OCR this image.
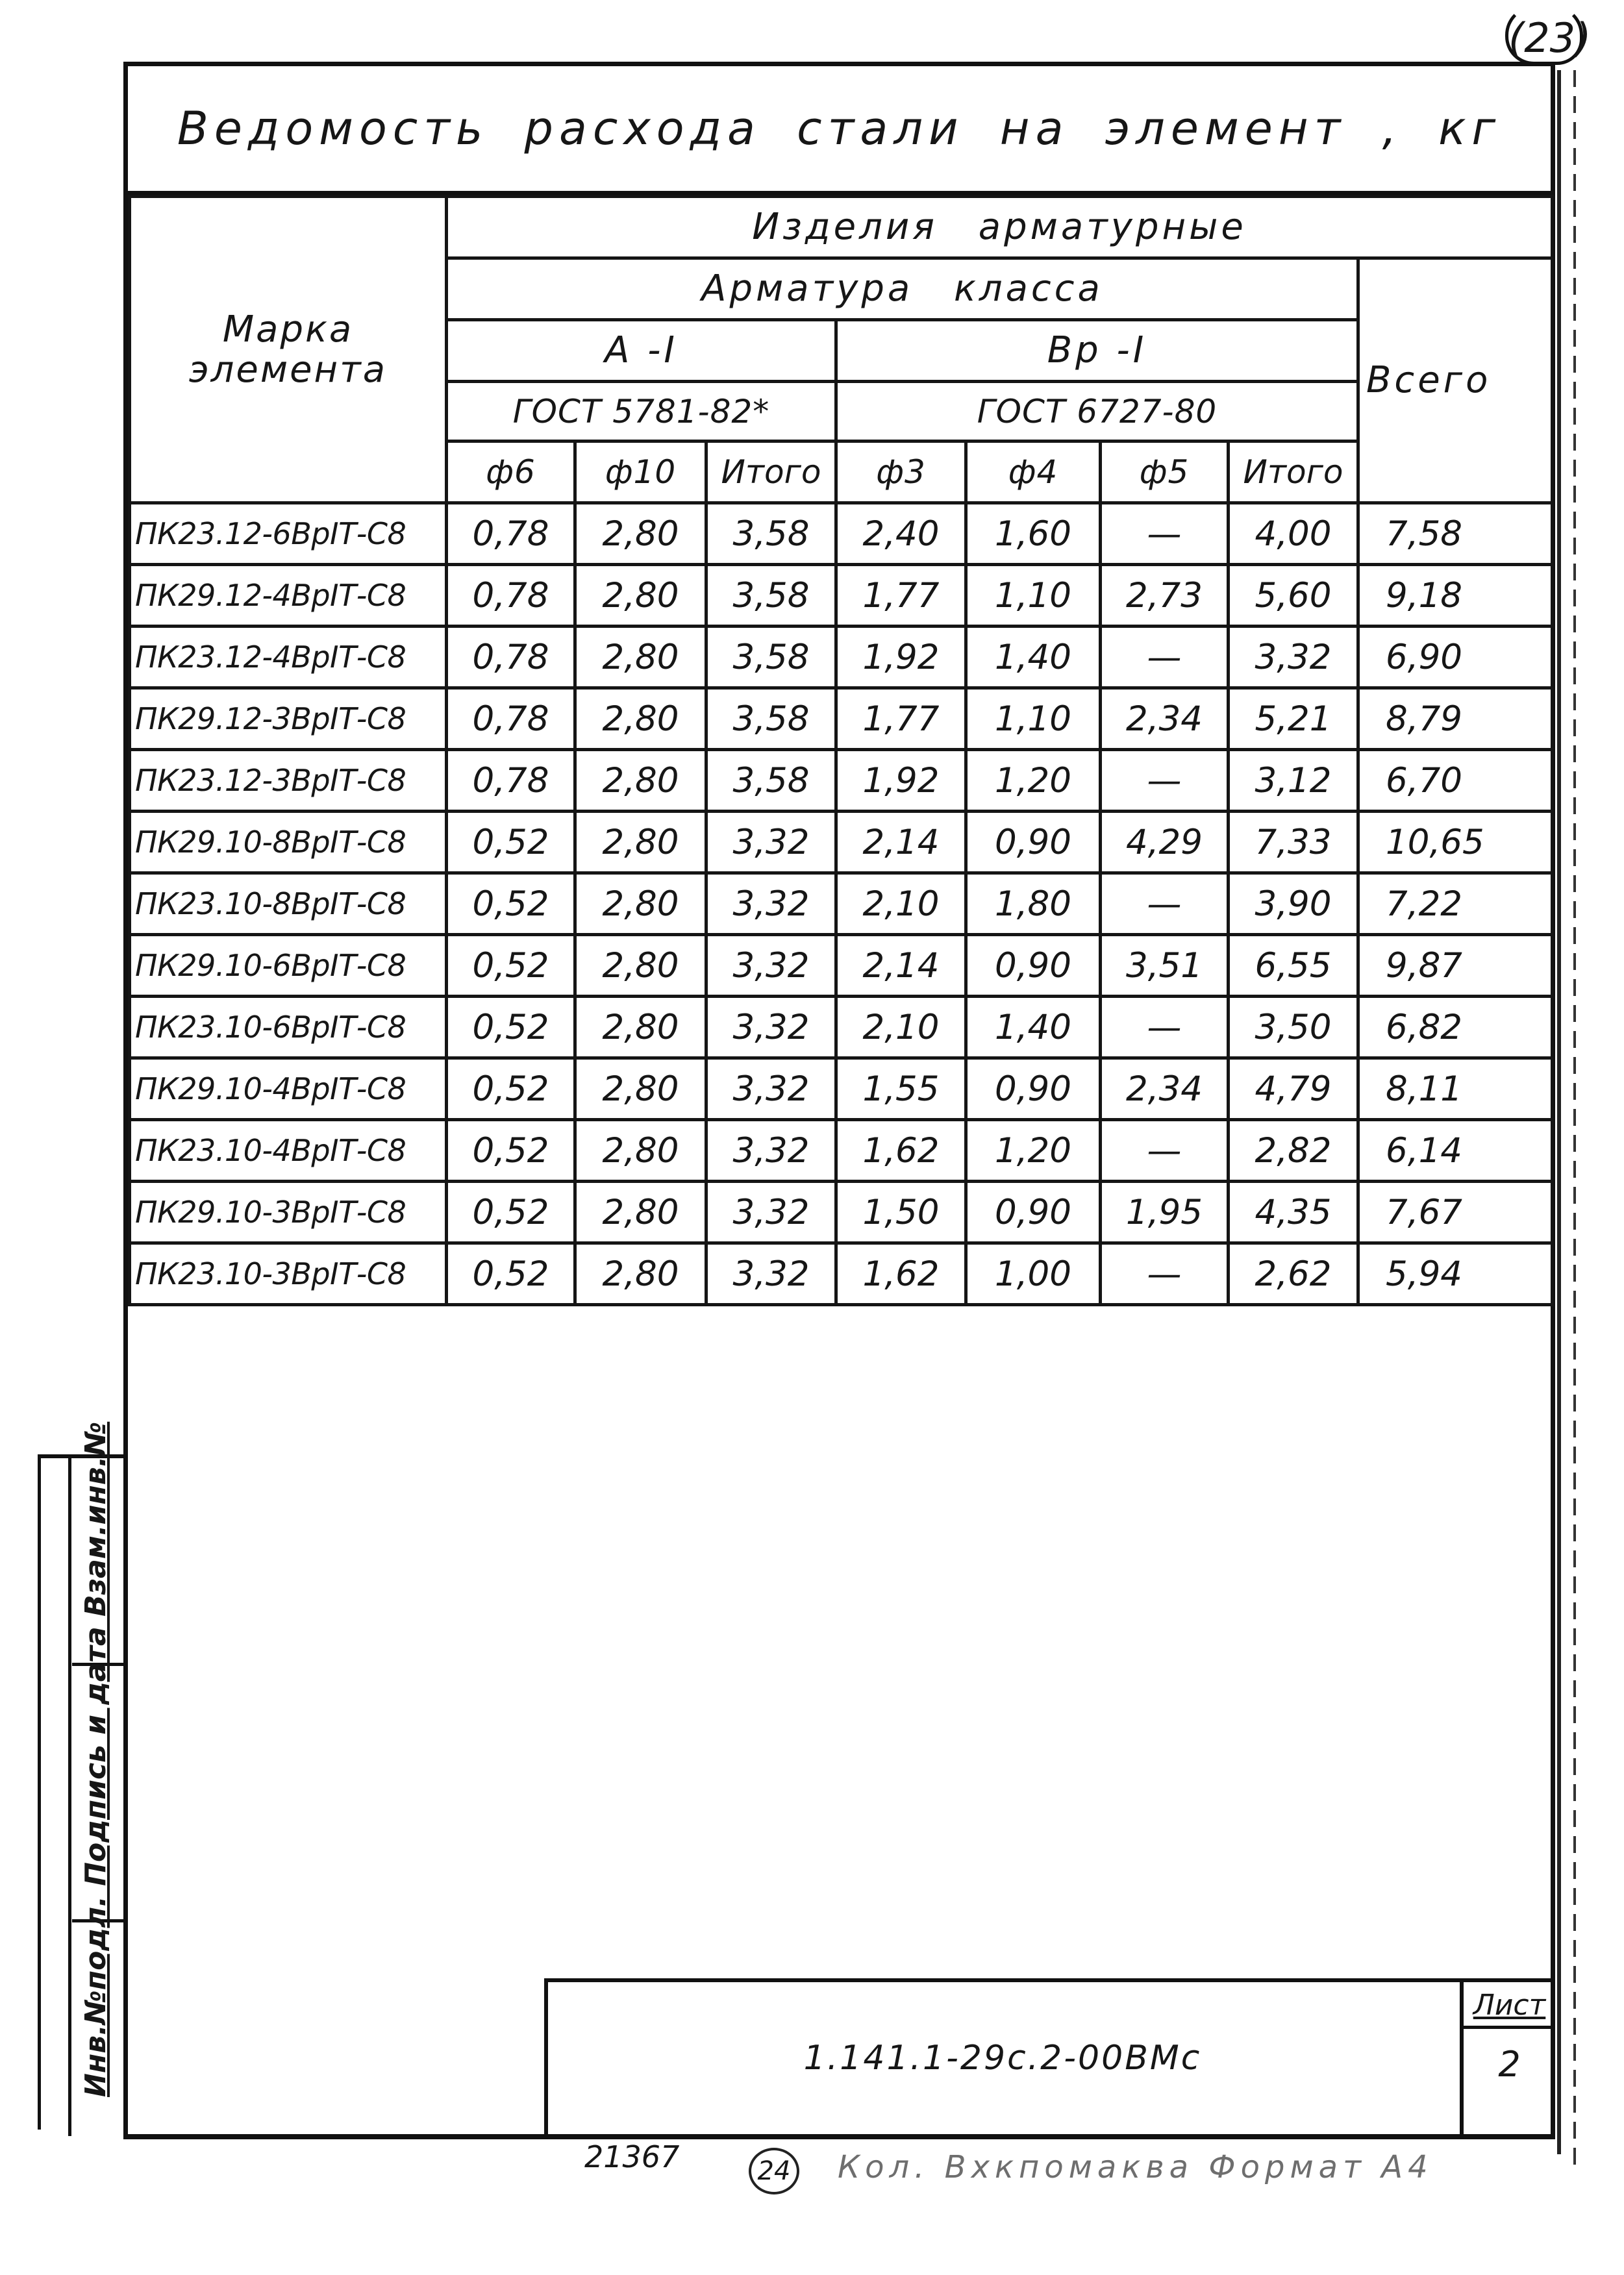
(23)
Ведомость расхода стали на элемент , кг
Марка
элемента	Изделия арматурные							
	Арматура класса							Всего
	А -I			Вр -I				
	ГОСТ 5781-82*			ГОСТ 6727-80				
	ф6	ф10	Итого	ф3	ф4	ф5	Итого	
ПК23.12-6ВрIТ-С8	0,78	2,80	3,58	2,40	1,60	—	4,00	7,58
ПК29.12-4ВрIТ-С8	0,78	2,80	3,58	1,77	1,10	2,73	5,60	9,18
ПК23.12-4ВрIТ-С8	0,78	2,80	3,58	1,92	1,40	—	3,32	6,90
ПК29.12-3ВрIТ-С8	0,78	2,80	3,58	1,77	1,10	2,34	5,21	8,79
ПК23.12-3ВрIТ-С8	0,78	2,80	3,58	1,92	1,20	—	3,12	6,70
ПК29.10-8ВрIТ-С8	0,52	2,80	3,32	2,14	0,90	4,29	7,33	10,65
ПК23.10-8ВрIТ-С8	0,52	2,80	3,32	2,10	1,80	—	3,90	7,22
ПК29.10-6ВрIТ-С8	0,52	2,80	3,32	2,14	0,90	3,51	6,55	9,87
ПК23.10-6ВрIТ-С8	0,52	2,80	3,32	2,10	1,40	—	3,50	6,82
ПК29.10-4ВрIТ-С8	0,52	2,80	3,32	1,55	0,90	2,34	4,79	8,11
ПК23.10-4ВрIТ-С8	0,52	2,80	3,32	1,62	1,20	—	2,82	6,14
ПК29.10-3ВрIТ-С8	0,52	2,80	3,32	1,50	0,90	1,95	4,35	7,67
ПК23.10-3ВрIТ-С8	0,52	2,80	3,32	1,62	1,00	—	2,62	5,94
Инв.№подл. Подпись и дата Взам.инв.№	1.141.1-29с.2-00ВМс
Лист
2
21367	24 Кол. Вхкпомаква Формат А4
